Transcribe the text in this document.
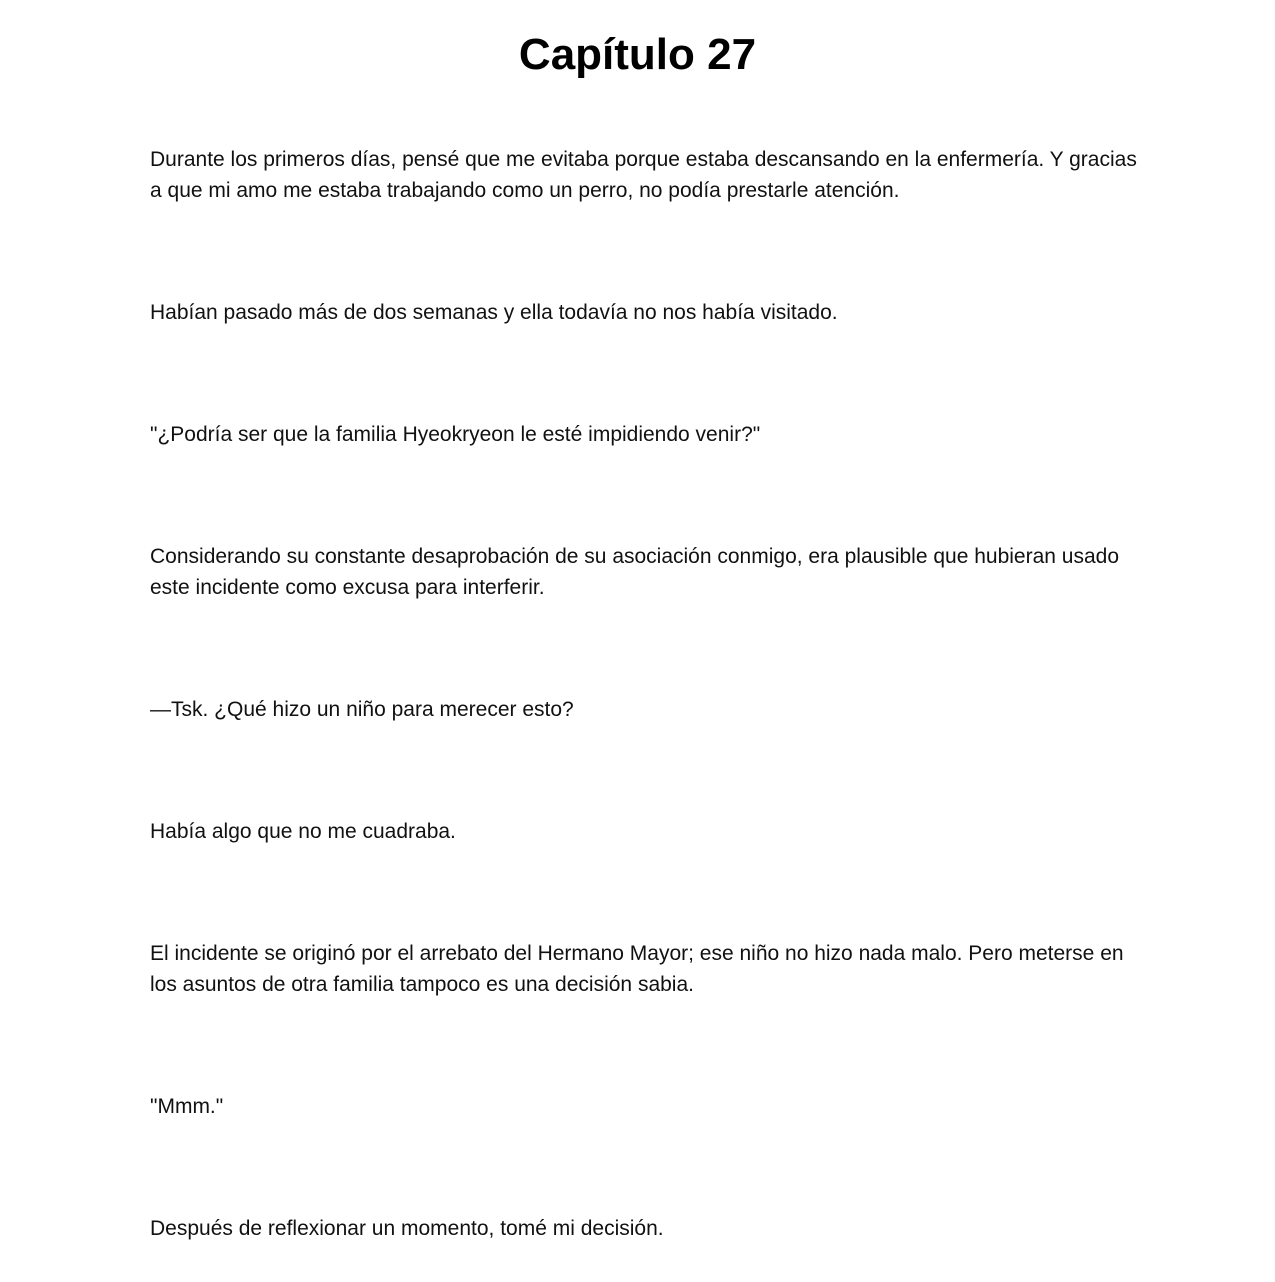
Capítulo 27

Durante los primeros días, pensé que me evitaba porque estaba descansando en la enfermería. Y gracias a que mi amo me estaba trabajando como un perro, no podía prestarle atención.

Habían pasado más de dos semanas y ella todavía no nos había visitado.

"¿Podría ser que la familia Hyeokryeon le esté impidiendo venir?"

Considerando su constante desaprobación de su asociación conmigo, era plausible que hubieran usado este incidente como excusa para interferir.

—Tsk. ¿Qué hizo un niño para merecer esto?

Había algo que no me cuadraba.

El incidente se originó por el arrebato del Hermano Mayor; ese niño no hizo nada malo. Pero meterse en los asuntos de otra familia tampoco es una decisión sabia.

"Mmm."

Después de reflexionar un momento, tomé mi decisión.
